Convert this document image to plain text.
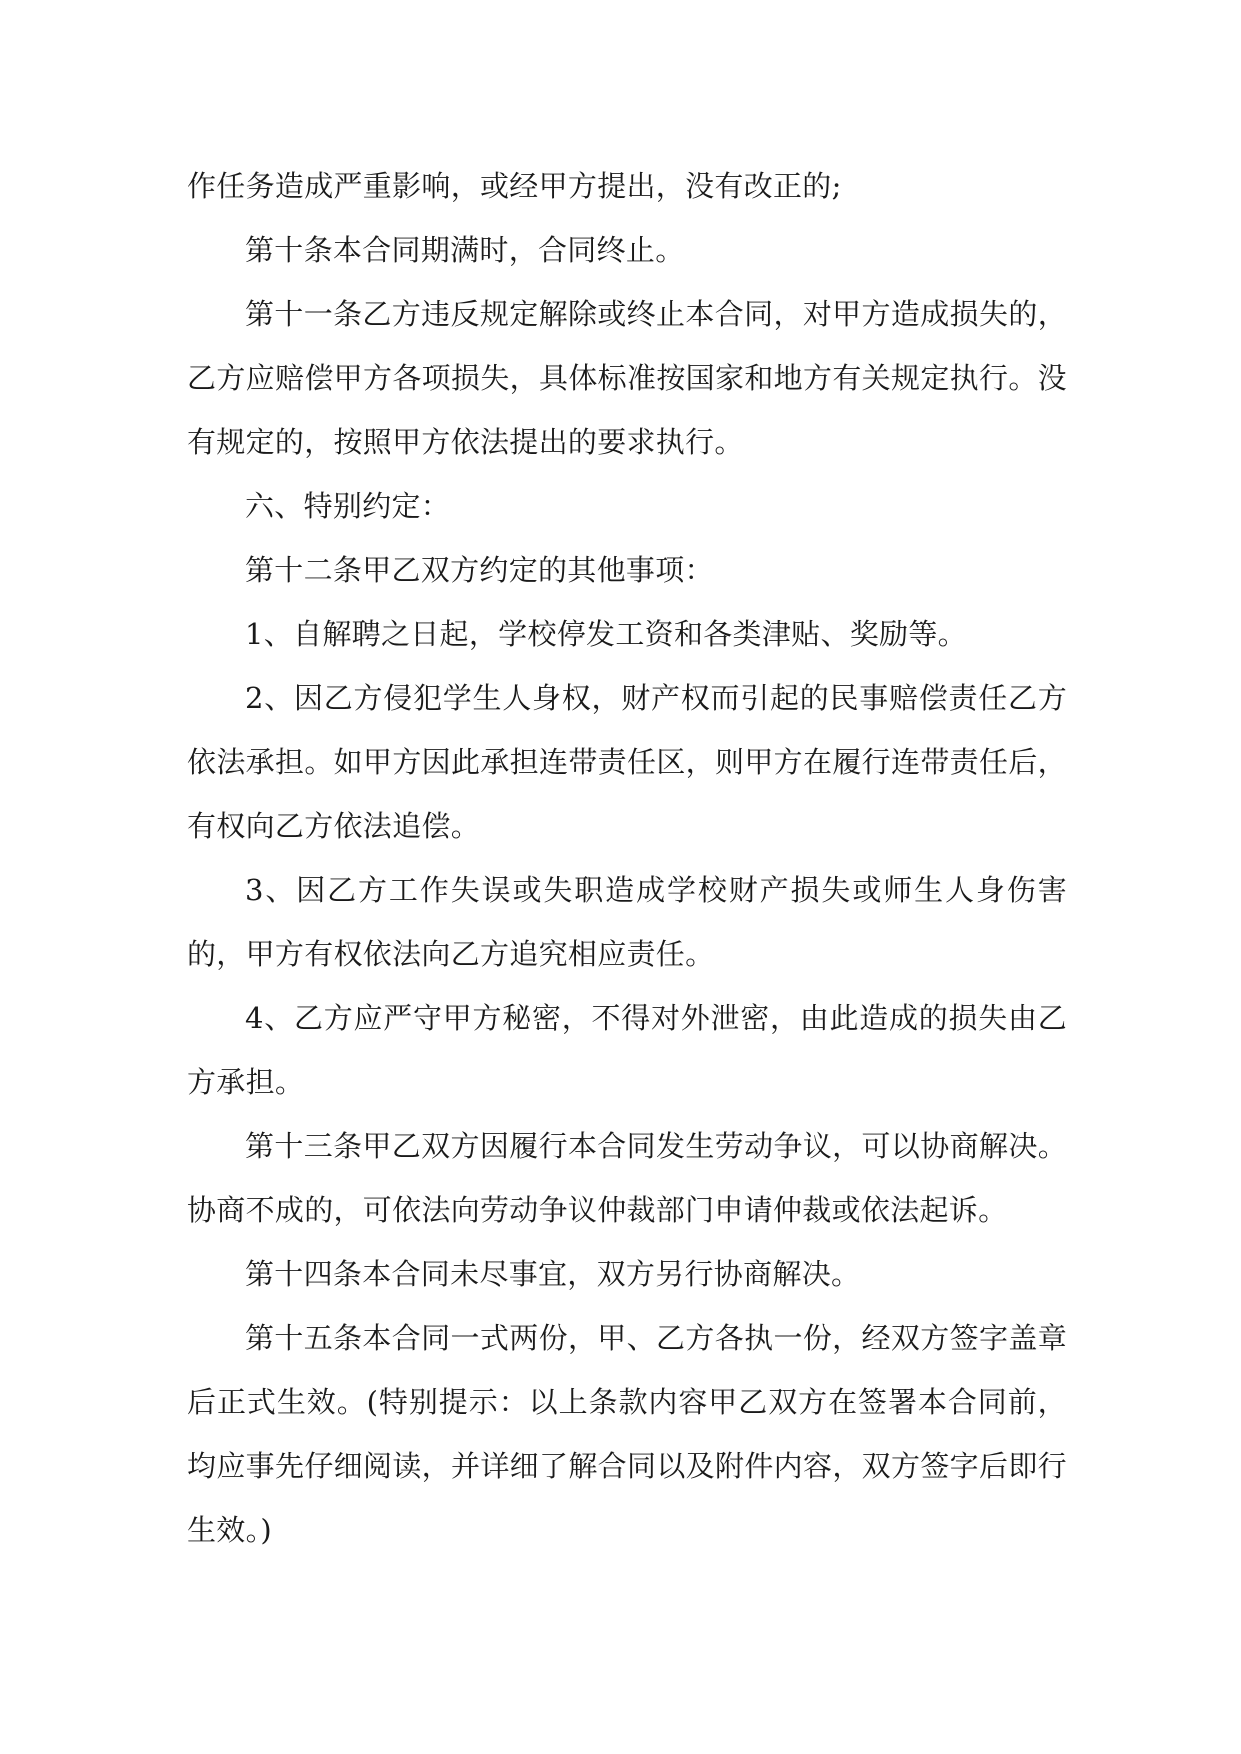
作任务造成严重影响，或经甲方提出，没有改正的;

第十条本合同期满时，合同终止。

第十一条乙方违反规定解除或终止本合同，对甲方造成损失的，乙方应赔偿甲方各项损失，具体标准按国家和地方有关规定执行。没有规定的，按照甲方依法提出的要求执行。

六、特别约定：

第十二条甲乙双方约定的其他事项：

1、自解聘之日起，学校停发工资和各类津贴、奖励等。

2、因乙方侵犯学生人身权，财产权而引起的民事赔偿责任乙方依法承担。如甲方因此承担连带责任区，则甲方在履行连带责任后，有权向乙方依法追偿。

3、因乙方工作失误或失职造成学校财产损失或师生人身伤害的，甲方有权依法向乙方追究相应责任。

4、乙方应严守甲方秘密，不得对外泄密，由此造成的损失由乙方承担。

第十三条甲乙双方因履行本合同发生劳动争议，可以协商解决。协商不成的，可依法向劳动争议仲裁部门申请仲裁或依法起诉。

第十四条本合同未尽事宜，双方另行协商解决。

第十五条本合同一式两份，甲、乙方各执一份，经双方签字盖章后正式生效。(特别提示：以上条款内容甲乙双方在签署本合同前，均应事先仔细阅读，并详细了解合同以及附件内容，双方签字后即行生效。)
